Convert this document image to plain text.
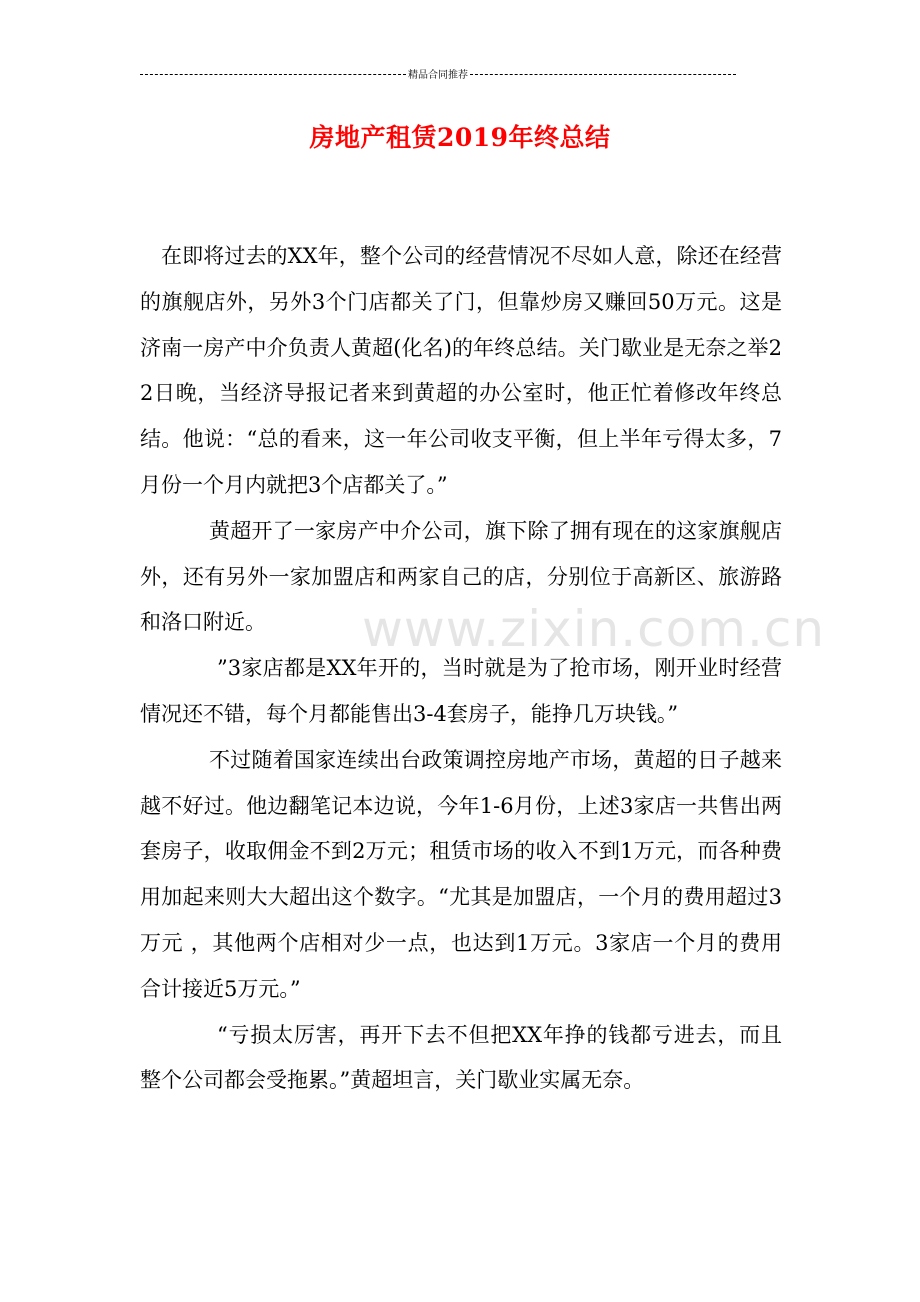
精品合同推荐
房地产租赁2019年终总结

在即将过去的XX年，整个公司的经营情况不尽如人意，除还在经营的旗舰店外，另外3个门店都关了门，但靠炒房又赚回50万元。这是济南一房产中介负责人黄超(化名)的年终总结。关门歇业是无奈之举22日晚，当经济导报记者来到黄超的办公室时，他正忙着修改年终总结。他说：“总的看来，这一年公司收支平衡，但上半年亏得太多，7月份一个月内就把3个店都关了。”

黄超开了一家房产中介公司，旗下除了拥有现在的这家旗舰店外，还有另外一家加盟店和两家自己的店，分别位于高新区、旅游路和洛口附近。

”3家店都是XX年开的，当时就是为了抢市场，刚开业时经营情况还不错，每个月都能售出3-4套房子，能挣几万块钱。”

不过随着国家连续出台政策调控房地产市场，黄超的日子越来越不好过。他边翻笔记本边说，今年1-6月份，上述3家店一共售出两套房子，收取佣金不到2万元；租赁市场的收入不到1万元，而各种费用加起来则大大超出这个数字。“尤其是加盟店，一个月的费用超过3万元 ，其他两个店相对少一点，也达到1万元。3家店一个月的费用合计接近5万元。”

“亏损太厉害，再开下去不但把XX年挣的钱都亏进去，而且整个公司都会受拖累。”黄超坦言，关门歇业实属无奈。

www.zixin.com.cn
